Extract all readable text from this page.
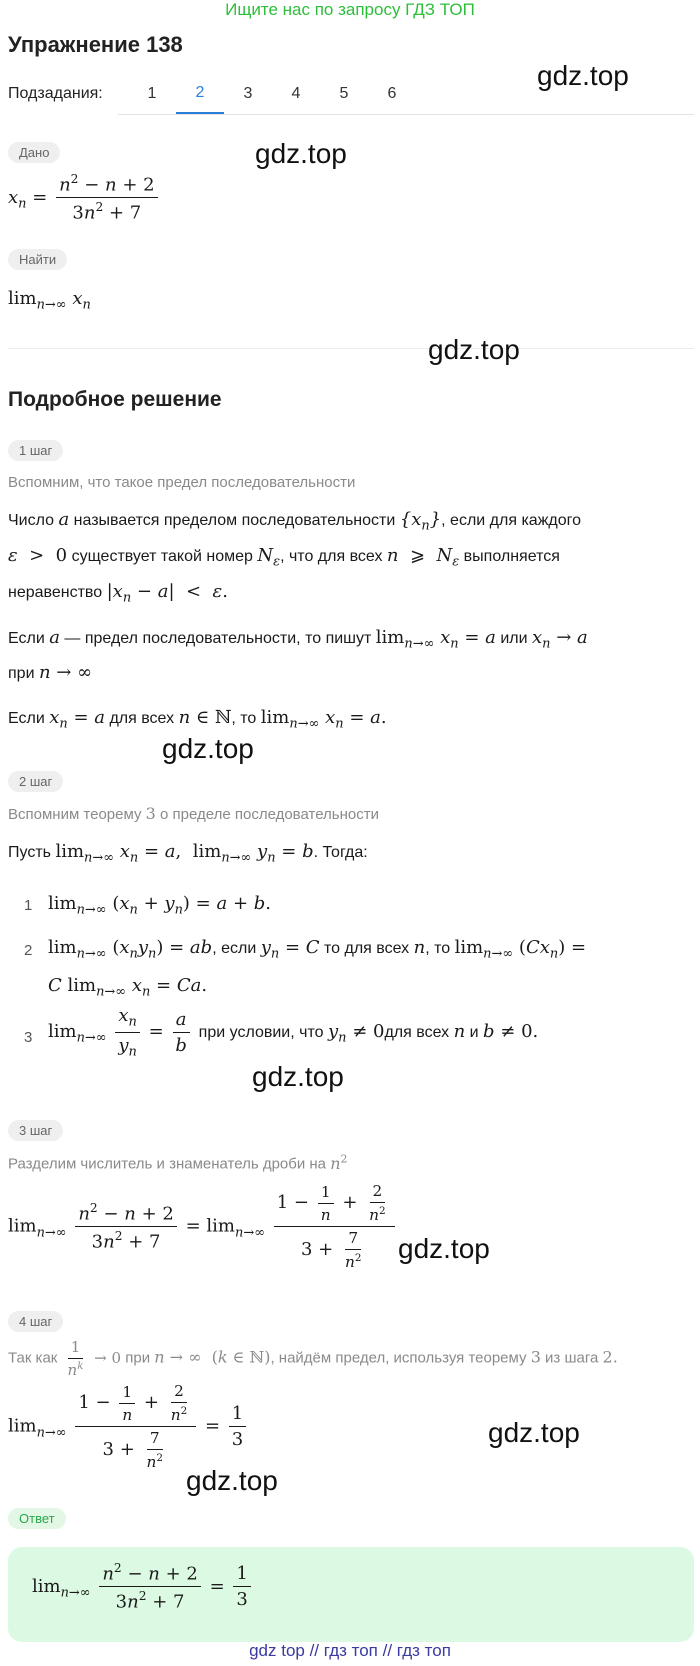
Ищите нас по запросу ГДЗ ТОП
Упражнение 138
Подзадания:	1	2	3	4	5	6
gdz.top
Дано	gdz.top
$x_n = \frac{n^2 - n + 2}{3n^2 + 7}$
Найти
$\lim_{n\to\infty} x_n$
gdz.top
Подробное решение
1 шаг
Вспомним, что такое предел последовательности
Число a называется пределом последовательности $\{x_n\}$, если для каждого
ε  > 0 существует такой номер $N_\varepsilon$, что для всех n  ⩾  $N_\varepsilon$ выполняется
неравенство $|x_n - a| < \varepsilon$.
Если a — предел последовательности, то пишут $\lim_{n\to\infty} x_n = a$ или $x_n \to a$
при n → ∞
Если $x_n = a$ для всех n ∈ ℕ, то $\lim_{n\to\infty} x_n = a$.
gdz.top
2 шаг
Вспомним теорему 3 о пределе последовательности
Пусть $\lim_{n\to\infty} x_n = a$, $\lim_{n\to\infty} y_n = b$. Тогда:
1 $\lim_{n\to\infty} (x_n + y_n) = a + b$.
2 $\lim_{n\to\infty} (x_ny_n)$ = ab, если $y_n = C$ то для всех n, то $\lim_{n\to\infty} (Cx_n)$ =
C $\lim_{n\to\infty} x_n = Ca$.
3 $\lim_{n\to\infty} \frac{x_n}{y_n} = \frac{a}{b}$ при условии, что $y_n \ne 0для$ всех n и b ≠ 0.
gdz.top
3 шаг
Разделим числитель и знаменатель дроби на $n^2$
$\lim_{n\to\infty} \frac{n^2 - n + 2}{3n^2 + 7} = \lim_{n\to\infty} \frac{1 - \frac{1}{n} + \frac{2}{n^2}}{3 + \frac{7}{n^2}} gdz.top$
4 шаг
Так как $\frac{1}{n^k} \to 0$ при n → ∞ (k ∈ ℕ), найдём предел, используя теорему 3 из шага 2.
$\lim_{n\to\infty} \frac{1 - \frac{1}{n} + \frac{2}{n^2}}{3 + \frac{7}{n^2}} = \frac{1}{3}$	gdz.top
gdz.top
Ответ
$\lim_{n\to\infty} \frac{n^2 - n + 2}{3n^2 + 7} = \frac{1}{3}$
gdz top // гдз топ // гдз топ
